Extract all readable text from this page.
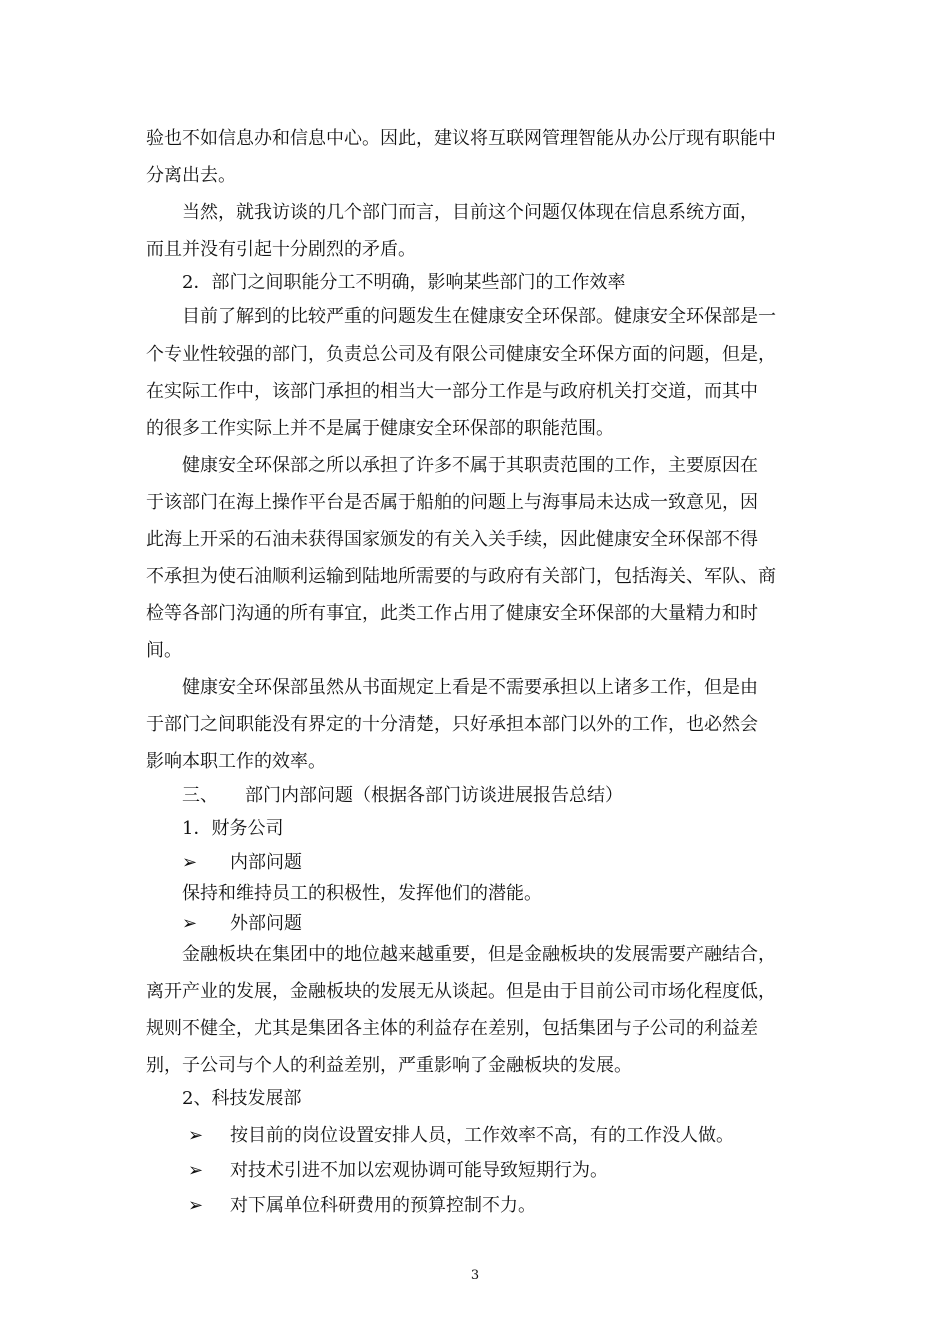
验也不如信息办和信息中心。因此，建议将互联网管理智能从办公厅现有职能中
分离出去。
当然，就我访谈的几个部门而言，目前这个问题仅体现在信息系统方面，
而且并没有引起十分剧烈的矛盾。
2．部门之间职能分工不明确，影响某些部门的工作效率
目前了解到的比较严重的问题发生在健康安全环保部。健康安全环保部是一
个专业性较强的部门，负责总公司及有限公司健康安全环保方面的问题，但是，
在实际工作中，该部门承担的相当大一部分工作是与政府机关打交道，而其中
的很多工作实际上并不是属于健康安全环保部的职能范围。
健康安全环保部之所以承担了许多不属于其职责范围的工作，主要原因在
于该部门在海上操作平台是否属于船舶的问题上与海事局未达成一致意见，因
此海上开采的石油未获得国家颁发的有关入关手续，因此健康安全环保部不得
不承担为使石油顺利运输到陆地所需要的与政府有关部门，包括海关、军队、商
检等各部门沟通的所有事宜，此类工作占用了健康安全环保部的大量精力和时
间。
健康安全环保部虽然从书面规定上看是不需要承担以上诸多工作，但是由
于部门之间职能没有界定的十分清楚，只好承担本部门以外的工作，也必然会
影响本职工作的效率。
三、　　部门内部问题（根据各部门访谈进展报告总结）
1．财务公司
➢ 内部问题
保持和维持员工的积极性，发挥他们的潜能。
➢ 外部问题
金融板块在集团中的地位越来越重要，但是金融板块的发展需要产融结合，
离开产业的发展，金融板块的发展无从谈起。但是由于目前公司市场化程度低，
规则不健全，尤其是集团各主体的利益存在差别，包括集团与子公司的利益差
别，子公司与个人的利益差别，严重影响了金融板块的发展。
2、科技发展部
➢ 按目前的岗位设置安排人员，工作效率不高，有的工作没人做。
➢ 对技术引进不加以宏观协调可能导致短期行为。
➢ 对下属单位科研费用的预算控制不力。
3
